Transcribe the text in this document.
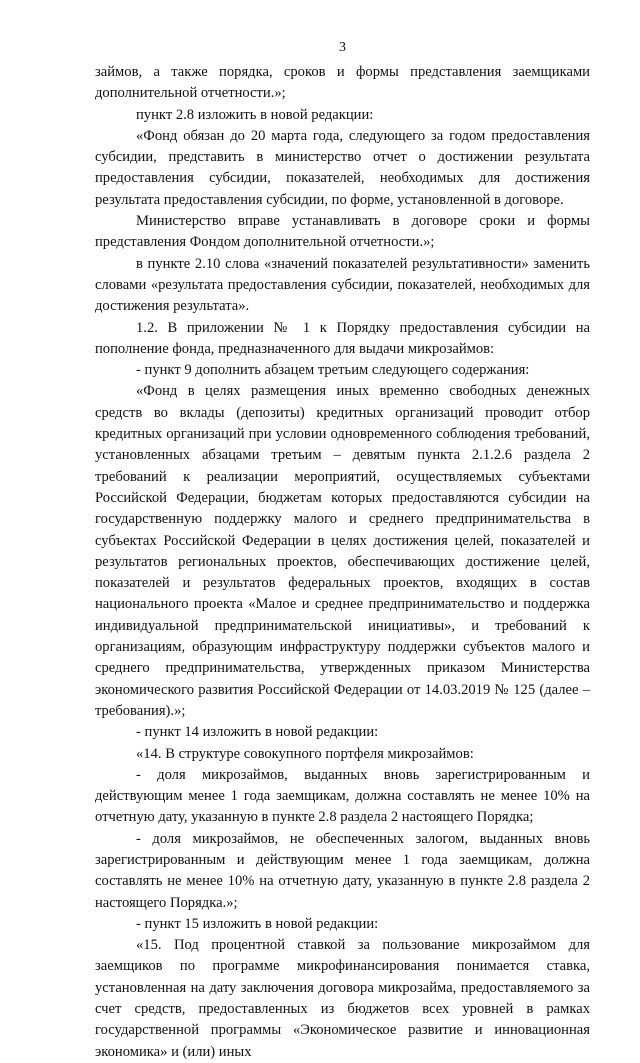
3

займов, а также порядка, сроков и формы представления заемщиками дополнительной отчетности.»;

пункт 2.8 изложить в новой редакции:

«Фонд обязан до 20 марта года, следующего за годом предоставления субсидии, представить в министерство отчет о достижении результата предоставления субсидии, показателей, необходимых для достижения результата предоставления субсидии, по форме, установленной в договоре.

Министерство вправе устанавливать в договоре сроки и формы представления Фондом дополнительной отчетности.»;

в пункте 2.10 слова «значений показателей результативности» заменить словами «результата предоставления субсидии, показателей, необходимых для достижения результата».

1.2. В приложении № 1 к Порядку предоставления субсидии на пополнение фонда, предназначенного для выдачи микрозаймов:

- пункт 9 дополнить абзацем третьим следующего содержания:

«Фонд в целях размещения иных временно свободных денежных средств во вклады (депозиты) кредитных организаций проводит отбор кредитных организаций при условии одновременного соблюдения требований, установленных абзацами третьим – девятым пункта 2.1.2.6 раздела 2 требований к реализации мероприятий, осуществляемых субъектами Российской Федерации, бюджетам которых предоставляются субсидии на государственную поддержку малого и среднего предпринимательства в субъектах Российской Федерации в целях достижения целей, показателей и результатов региональных проектов, обеспечивающих достижение целей, показателей и результатов федеральных проектов, входящих в состав национального проекта «Малое и среднее предпринимательство и поддержка индивидуальной предпринимательской инициативы», и требований к организациям, образующим инфраструктуру поддержки субъектов малого и среднего предпринимательства, утвержденных приказом Министерства экономического развития Российской Федерации от 14.03.2019 № 125 (далее – требования).»;

- пункт 14 изложить в новой редакции:

«14. В структуре совокупного портфеля микрозаймов:

- доля микрозаймов, выданных вновь зарегистрированным и действующим менее 1 года заемщикам, должна составлять не менее 10% на отчетную дату, указанную в пункте 2.8 раздела 2 настоящего Порядка;

- доля микрозаймов, не обеспеченных залогом, выданных вновь зарегистрированным и действующим менее 1 года заемщикам, должна составлять не менее 10% на отчетную дату, указанную в пункте 2.8 раздела 2 настоящего Порядка.»;

- пункт 15 изложить в новой редакции:

«15. Под процентной ставкой за пользование микрозаймом для заемщиков по программе микрофинансирования понимается ставка, установленная на дату заключения договора микрозайма, предоставляемого за счет средств, предоставленных из бюджетов всех уровней в рамках государственной программы «Экономическое развитие и инновационная экономика» и (или) иных
